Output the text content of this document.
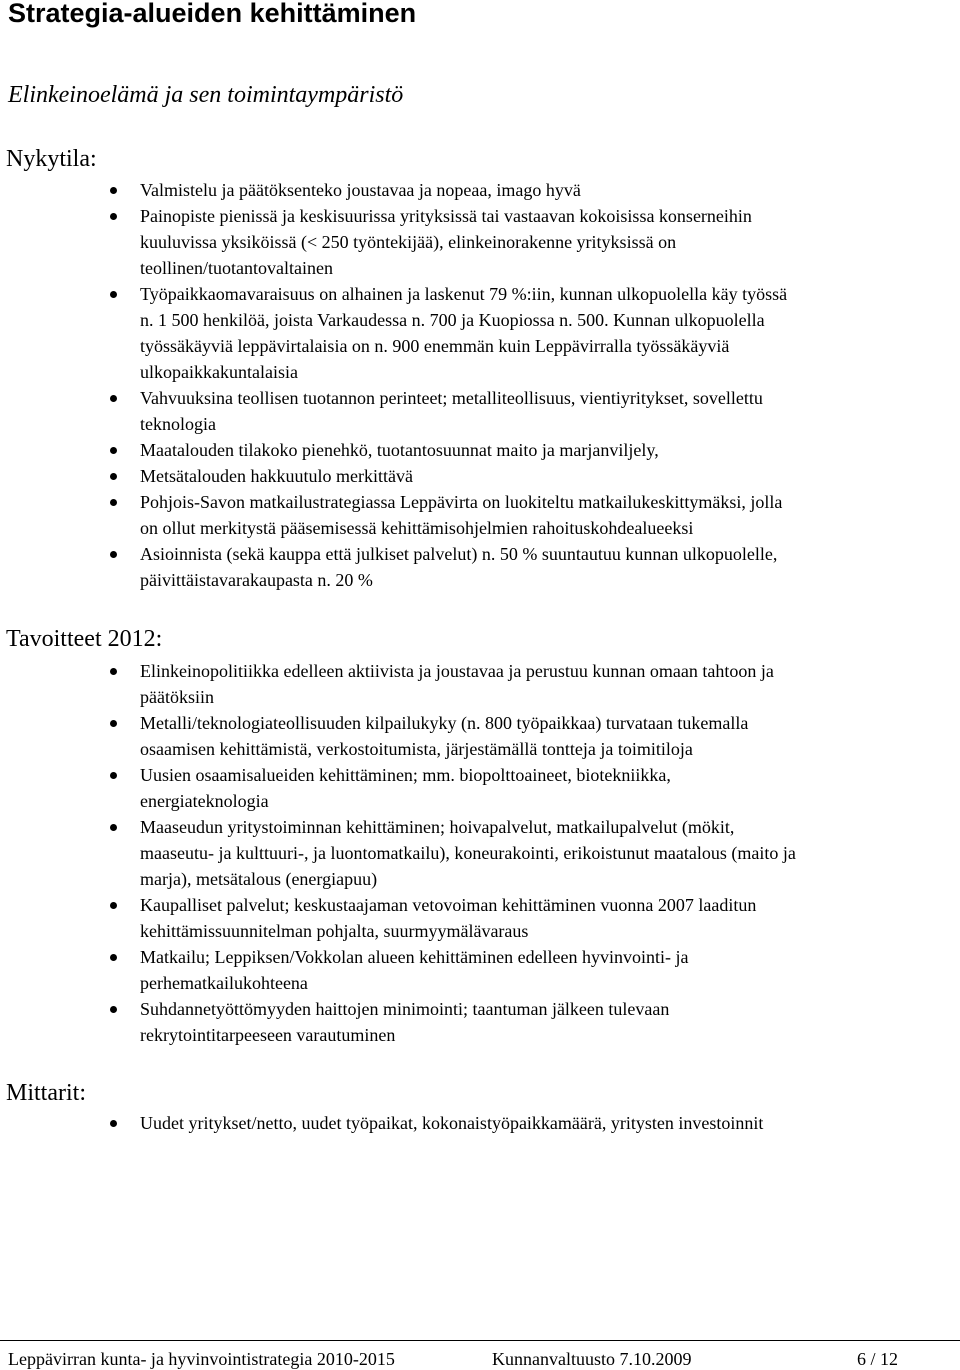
Strategia-alueiden kehittäminen
Elinkeinoelämä ja sen toimintaympäristö
Nykytila:
Valmistelu ja päätöksenteko joustavaa ja nopeaa, imago hyvä
Painopiste pienissä ja keskisuurissa yrityksissä tai vastaavan kokoisissa konserneihin
kuuluvissa yksiköissä (< 250 työntekijää), elinkeinorakenne yrityksissä on
teollinen/tuotantovaltainen
Työpaikkaomavaraisuus on alhainen ja laskenut 79 %:iin, kunnan ulkopuolella käy työssä
n. 1 500 henkilöä, joista Varkaudessa n. 700 ja Kuopiossa n. 500. Kunnan ulkopuolella
työssäkäyviä leppävirtalaisia on n. 900 enemmän kuin Leppävirralla työssäkäyviä
ulkopaikkakuntalaisia
Vahvuuksina teollisen tuotannon perinteet; metalliteollisuus, vientiyritykset, sovellettu
teknologia
Maatalouden tilakoko pienehkö, tuotantosuunnat maito ja marjanviljely,
Metsätalouden hakkuutulo merkittävä
Pohjois-Savon matkailustrategiassa Leppävirta on luokiteltu matkailukeskittymäksi, jolla
on ollut merkitystä pääsemisessä kehittämisohjelmien rahoituskohdealueeksi
Asioinnista (sekä kauppa että julkiset palvelut) n. 50 % suuntautuu kunnan ulkopuolelle,
päivittäistavarakaupasta n. 20 %
Tavoitteet 2012:
Elinkeinopolitiikka edelleen aktiivista ja joustavaa ja perustuu kunnan omaan tahtoon ja
päätöksiin
Metalli/teknologiateollisuuden kilpailukyky (n. 800 työpaikkaa) turvataan tukemalla
osaamisen kehittämistä, verkostoitumista, järjestämällä tontteja ja toimitiloja
Uusien osaamisalueiden kehittäminen; mm. biopolttoaineet, biotekniikka,
energiateknologia
Maaseudun yritystoiminnan kehittäminen; hoivapalvelut, matkailupalvelut (mökit,
maaseutu- ja kulttuuri-, ja luontomatkailu), koneurakointi, erikoistunut maatalous (maito ja
marja), metsätalous (energiapuu)
Kaupalliset palvelut; keskustaajaman vetovoiman kehittäminen vuonna 2007 laaditun
kehittämissuunnitelman pohjalta, suurmyymälävaraus
Matkailu; Leppiksen/Vokkolan alueen kehittäminen edelleen hyvinvointi- ja
perhematkailukohteena
Suhdannetyöttömyyden haittojen minimointi; taantuman jälkeen tulevaan
rekrytointitarpeeseen varautuminen
Mittarit:
Uudet yritykset/netto, uudet työpaikat, kokonaistyöpaikkamäärä, yritysten investoinnit
Leppävirran kunta- ja hyvinvointistrategia 2010-2015	Kunnanvaltuusto 7.10.2009	6 / 12
